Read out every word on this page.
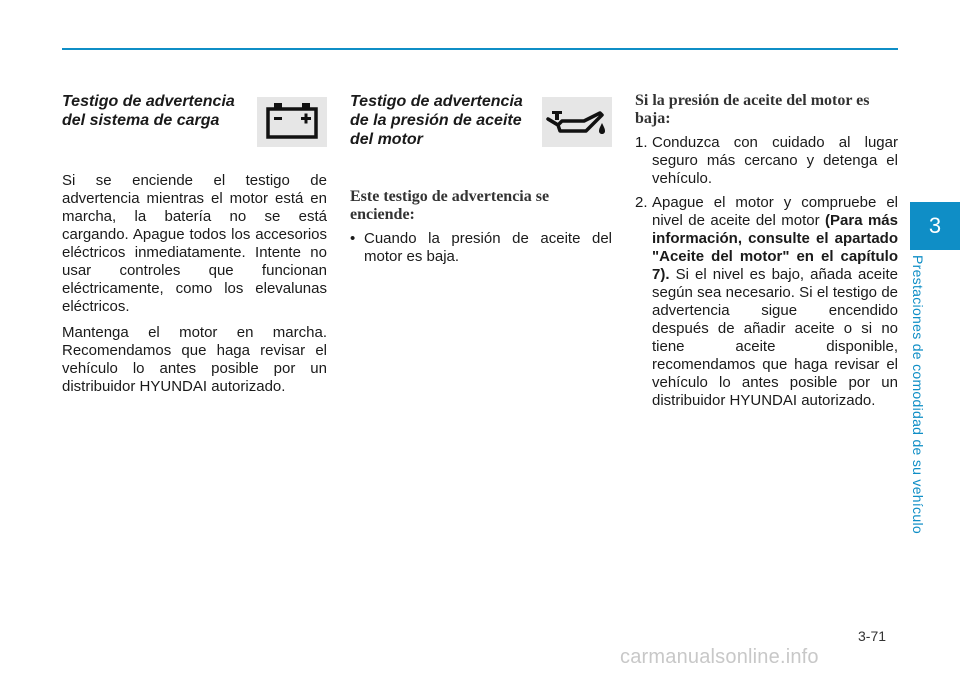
Testigo de advertencia del sistema de carga

Si se enciende el testigo de advertencia mientras el motor está en marcha, la batería no se está cargando. Apague todos los accesorios eléctricos inmediatamente. Intente no usar controles que funcionan eléctricamente, como los elevalunas eléctricos.

Mantenga el motor en marcha. Recomendamos que haga revisar el vehículo lo antes posible por un distribuidor HYUNDAI autorizado.

Testigo de advertencia de la presión de aceite del motor
Este testigo de advertencia se enciende:
• Cuando la presión de aceite del motor es baja.
Si la presión de aceite del motor es baja:
1. Conduzca con cuidado al lugar seguro más cercano y detenga el vehículo.
2. Apague el motor y compruebe el nivel de aceite del motor (Para más información, consulte el apartado "Aceite del motor" en el capítulo 7). Si el nivel es bajo, añada aceite según sea necesario. Si el testigo de advertencia sigue encendido después de añadir aceite o si no tiene aceite disponible, recomendamos que haga revisar el vehículo lo antes posible por un distribuidor HYUNDAI autorizado.
3
Prestaciones de comodidad de su vehículo
3-71
carmanualsonline.info
